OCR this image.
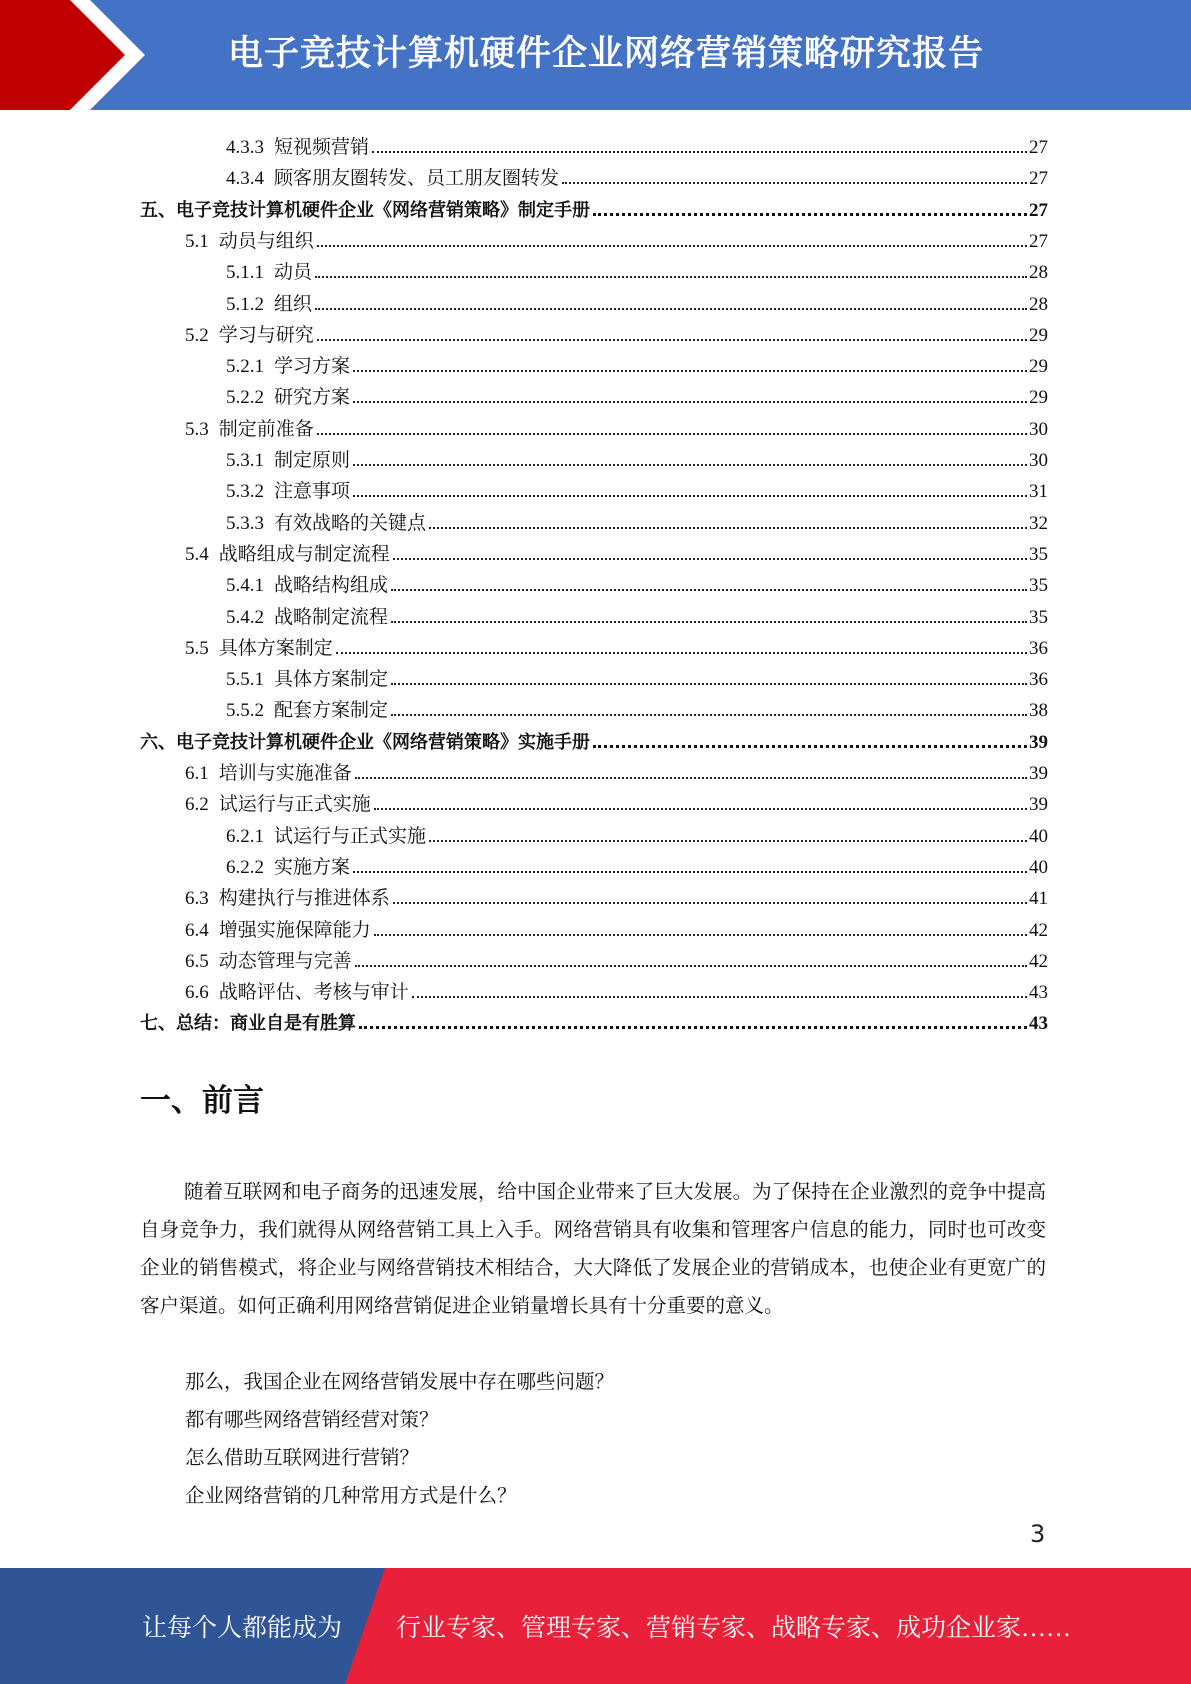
电子竞技计算机硬件企业网络营销策略研究报告
4.3.3 短视频营销	27
4.3.4 顾客朋友圈转发、员工朋友圈转发	27
五、 电子竞技计算机硬件企业《网络营销策略》制定手册	27
5.1 动员与组织	27
5.1.1 动员	28
5.1.2 组织	28
5.2 学习与研究	29
5.2.1 学习方案	29
5.2.2 研究方案	29
5.3 制定前准备	30
5.3.1 制定原则	30
5.3.2 注意事项	31
5.3.3 有效战略的关键点	32
5.4 战略组成与制定流程	35
5.4.1 战略结构组成	35
5.4.2 战略制定流程	35
5.5 具体方案制定	36
5.5.1 具体方案制定	36
5.5.2 配套方案制定	38
六、 电子竞技计算机硬件企业《网络营销策略》实施手册	39
6.1 培训与实施准备	39
6.2 试运行与正式实施	39
6.2.1 试运行与正式实施	40
6.2.2 实施方案	40
6.3 构建执行与推进体系	41
6.4 增强实施保障能力	42
6.5 动态管理与完善	42
6.6 战略评估、考核与审计	43
七、 总结：商业自是有胜算	43
一、前言
随着互联网和电子商务的迅速发展，给中国企业带来了巨大发展。为了保持在企业激烈的竞争中提高自身竞争力，我们就得从网络营销工具上入手。网络营销具有收集和管理客户信息的能力，同时也可改变企业的销售模式，将企业与网络营销技术相结合，大大降低了发展企业的营销成本，也使企业有更宽广的客户渠道。如何正确利用网络营销促进企业销量增长具有十分重要的意义。
那么，我国企业在网络营销发展中存在哪些问题？
都有哪些网络营销经营对策？
怎么借助互联网进行营销？
企业网络营销的几种常用方式是什么？
3
让每个人都能成为 行业专家、管理专家、营销专家、战略专家、成功企业家……
